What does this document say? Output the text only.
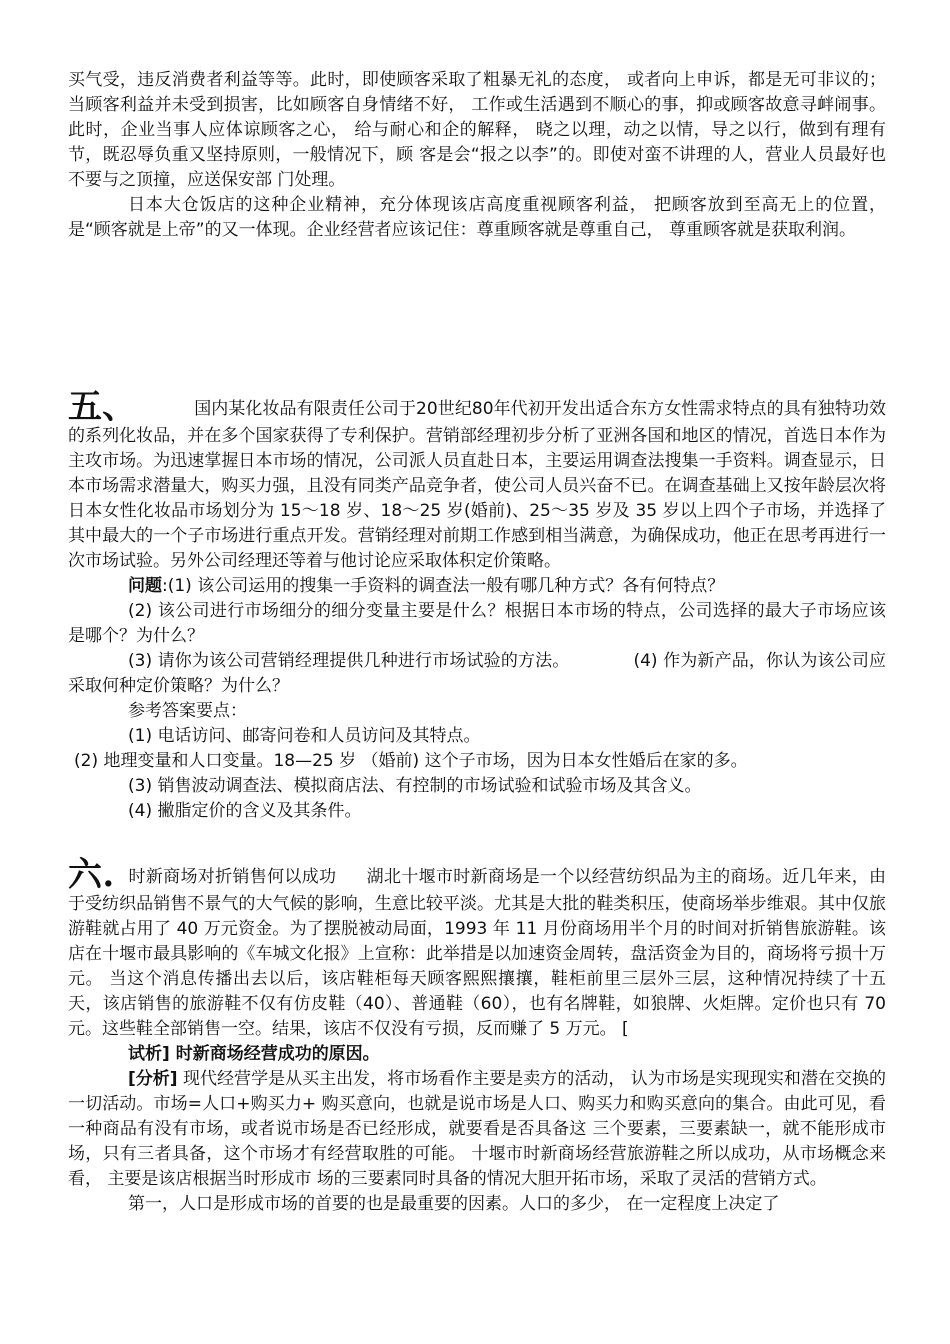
买气受，违反消费者利益等等。此时，即使顾客采取了粗暴无礼的态度， 或者向上申诉，都是无可非议的；当顾客利益并未受到损害，比如顾客自身情绪不好， 工作或生活遇到不顺心的事，抑或顾客故意寻衅闹事。此时，企业当事人应体谅顾客之心， 给与耐心和企的解释， 晓之以理，动之以情，导之以行，做到有理有节，既忍辱负重又坚持原则，一般情况下，顾 客是会“报之以李”的。即使对蛮不讲理的人，营业人员最好也不要与之顶撞，应送保安部 门处理。

日本大仓饭店的这种企业精神，充分体现该店高度重视顾客利益， 把顾客放到至高无上的位置，是“顾客就是上帝”的又一体现。企业经营者应该记住：尊重顾客就是尊重自己， 尊重顾客就是获取利润。

五、	国内某化妆品有限责任公司于20世纪80年代初开发出适合东方女性需求特点的具有独特功效的系列化妆品，并在多个国家获得了专利保护。营销部经理初步分析了亚洲各国和地区的情况，首选日本作为主攻市场。为迅速掌握日本市场的情况，公司派人员直赴日本，主要运用调查法搜集一手资料。调查显示，日本市场需求潜量大，购买力强，且没有同类产品竞争者，使公司人员兴奋不已。在调查基础上又按年龄层次将日本女性化妆品市场划分为 15～18 岁、18～25 岁(婚前)、25～35 岁及 35 岁以上四个子市场，并选择了其中最大的一个子市场进行重点开发。营销经理对前期工作感到相当满意，为确保成功，他正在思考再进行一次市场试验。另外公司经理还等着与他讨论应采取体积定价策略。

问题:(1) 该公司运用的搜集一手资料的调查法一般有哪几种方式？各有何特点？

(2) 该公司进行市场细分的细分变量主要是什么？根据日本市场的特点，公司选择的最大子市场应该是哪个？为什么？

(3) 请你为该公司营销经理提供几种进行市场试验的方法。	(4) 作为新产品，你认为该公司应采取何种定价策略？为什么？

参考答案要点：

(1) 电话访问、邮寄问卷和人员访问及其特点。

(2) 地理变量和人口变量。18—25 岁 （婚前) 这个子市场，因为日本女性婚后在家的多。

(3) 销售波动调查法、模拟商店法、有控制的市场试验和试验市场及其含义。

(4) 撇脂定价的含义及其条件。

六. 时新商场对折销售何以成功 湖北十堰市时新商场是一个以经营纺织品为主的商场。近几年来，由于受纺织品销售不景气的大气候的影响，生意比较平淡。尤其是大批的鞋类积压，使商场举步维艰。其中仅旅游鞋就占用了 40 万元资金。为了摆脱被动局面，1993 年 11 月份商场用半个月的时间对折销售旅游鞋。该店在十堰市最具影响的《车城文化报》上宣称：此举措是以加速资金周转，盘活资金为目的，商场将亏损十万元。 当这个消息传播出去以后，该店鞋柜每天顾客熙熙攘攘，鞋柜前里三层外三层，这种情况持续了十五天，该店销售的旅游鞋不仅有仿皮鞋（40）、普通鞋（60），也有名牌鞋，如狼牌、火炬牌。定价也只有 70 元。这些鞋全部销售一空。结果，该店不仅没有亏损，反而赚了 5 万元。 [

试析] 时新商场经营成功的原因。

[分析] 现代经营学是从买主出发，将市场看作主要是卖方的活动， 认为市场是实现现实和潜在交换的一切活动。市场=人口+购买力+ 购买意向，也就是说市场是人口、购买力和购买意向的集合。由此可见，看一种商品有没有市场，或者说市场是否已经形成，就要看是否具备这 三个要素，三要素缺一，就不能形成市场，只有三者具备，这个市场才有经营取胜的可能。 十堰市时新商场经营旅游鞋之所以成功，从市场概念来看， 主要是该店根据当时形成市 场的三要素同时具备的情况大胆开拓市场，采取了灵活的营销方式。

第一，人口是形成市场的首要的也是最重要的因素。人口的多少， 在一定程度上决定了
